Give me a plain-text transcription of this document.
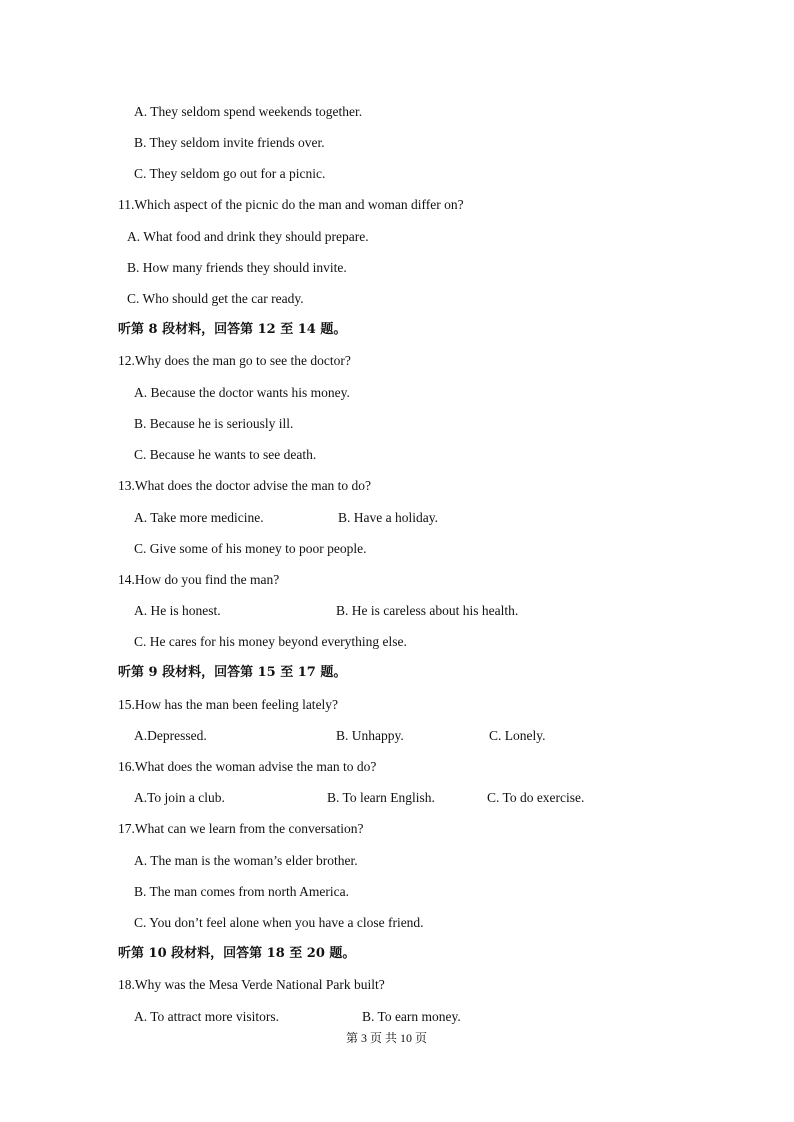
A. They seldom spend weekends together.
B. They seldom invite friends over.
C. They seldom go out for a picnic.
11.Which aspect of the picnic do the man and woman differ on?
A. What food and drink they should prepare.
B. How many friends they should invite.
C. Who should get the car ready.
听第 8 段材料，回答第 12 至 14 题。
12.Why does the man go to see the doctor?
A. Because the doctor wants his money.
B. Because he is seriously ill.
C. Because he wants to see death.
13.What does the doctor advise the man to do?
A. Take more medicine.	B. Have a holiday.
C. Give some of his money to poor people.
14.How do you find the man?
A. He is honest.	B. He is careless about his health.
C. He cares for his money beyond everything else.
听第 9 段材料，回答第 15 至 17 题。
15.How has the man been feeling lately?
A.Depressed.	B. Unhappy.	C. Lonely.
16.What does the woman advise the man to do?
A.To join a club.	B. To learn English.	C. To do exercise.
17.What can we learn from the conversation?
A. The man is the woman’s elder brother.
B. The man comes from north America.
C. You don’t feel alone when you have a close friend.
听第 10 段材料，回答第 18 至 20 题。
18.Why was the Mesa Verde National Park built?
A. To attract more visitors.	B. To earn money.
第 3 页 共 10 页
